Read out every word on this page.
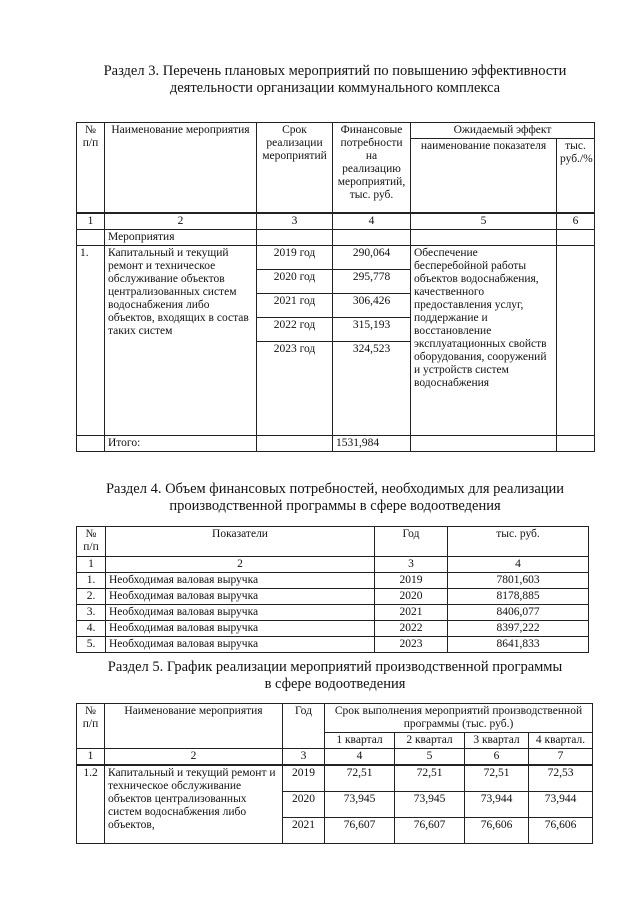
Раздел 3. Перечень плановых мероприятий по повышению эффективности
деятельности организации коммунального комплекса
№ п/п	Наименование мероприятия	Срок реализации мероприятий	Финансовые потребности на реализацию мероприятий, тыс. руб.	Ожидаемый эффект	
				наименование показателя	тыс. руб./%
1	2	3	4	5	6
	Мероприятия				
1.	Капитальный и текущий ремонт и техническое обслуживание объектов централизованных систем водоснабжения либо объектов, входящих в состав таких систем	2019 год	290,064	Обеспечение бесперебойной работы объектов водоснабжения, качественного предоставления услуг, поддержание и восстановление эксплуатационных свойств оборудования, сооружений и устройств систем водоснабжения	
		2020 год	295,778		
		2021 год	306,426		
		2022 год	315,193		
		2023 год	324,523		
	Итого:		1531,984		
Раздел 4. Объем финансовых потребностей, необходимых для реализации
производственной программы в сфере водоотведения
№ п/п	Показатели	Год	тыс. руб.
1	2	3	4
1.	Необходимая валовая выручка	2019	7801,603
2.	Необходимая валовая выручка	2020	8178,885
3.	Необходимая валовая выручка	2021	8406,077
4.	Необходимая валовая выручка	2022	8397,222
5.	Необходимая валовая выручка	2023	8641,833
Раздел 5. График реализации мероприятий производственной программы
в сфере водоотведения
№ п/п	Наименование мероприятия	Год	Срок выполнения мероприятий производственной программы (тыс. руб.)			

			1 квартал	2 квартал	3 квартал	4 квартал.
1	2	3	4	5	6	7
1.2	Капитальный и текущий ремонт и техническое обслуживание объектов централизованных систем водоснабжения либо объектов,	2019	72,51	72,51	72,51	72,53
		2020	73,945	73,945	73,944	73,944
		2021	76,607	76,607	76,606	76,606
